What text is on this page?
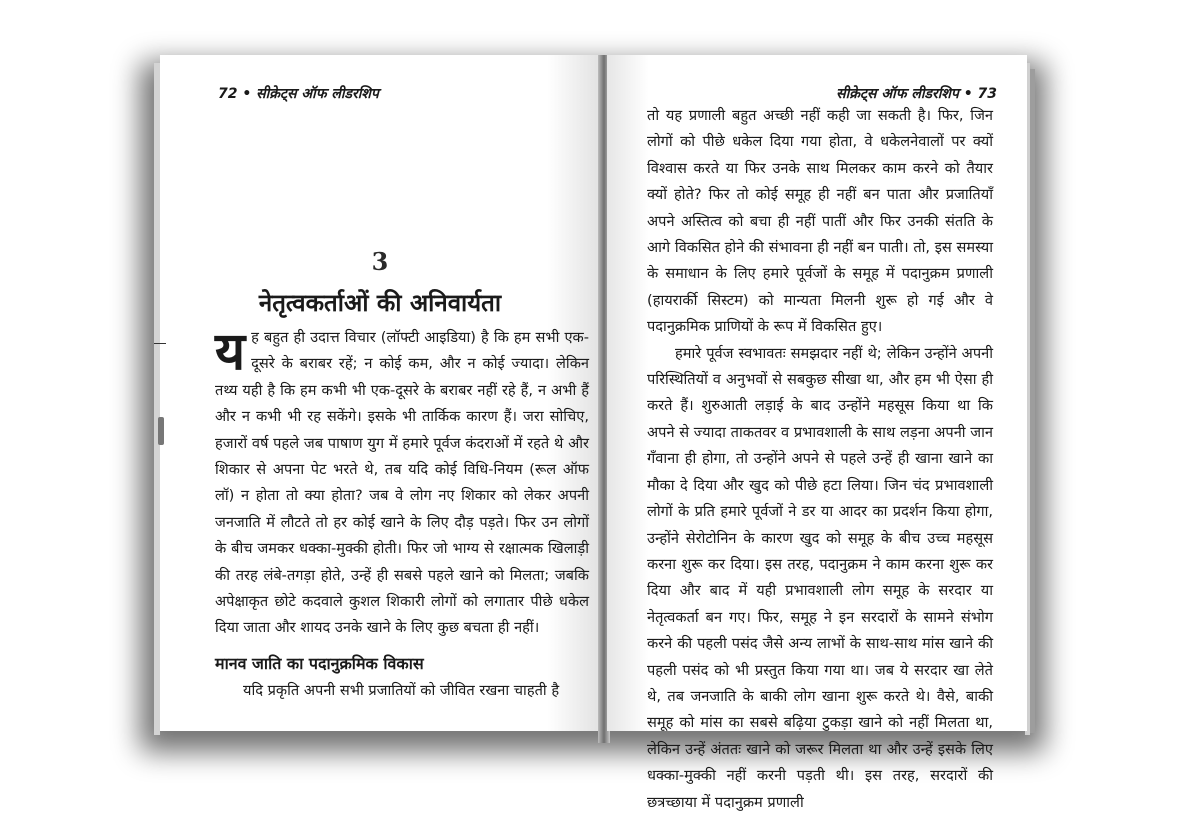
72 • सीक्रेट्स ऑफ लीडरशिप
3
नेतृत्वकर्ताओं की अनिवार्यता

यह बहुत ही उदात्त विचार (लॉफ्टी आइडिया) है कि हम सभी एक-दूसरे के बराबर रहें; न कोई कम, और न कोई ज्यादा। लेकिन तथ्य यही है कि हम कभी भी एक-दूसरे के बराबर नहीं रहे हैं, न अभी हैं और न कभी भी रह सकेंगे। इसके भी तार्किक कारण हैं। जरा सोचिए, हजारों वर्ष पहले जब पाषाण युग में हमारे पूर्वज कंदराओं में रहते थे और शिकार से अपना पेट भरते थे, तब यदि कोई विधि-नियम (रूल ऑफ लॉ) न होता तो क्या होता? जब वे लोग नए शिकार को लेकर अपनी जनजाति में लौटते तो हर कोई खाने के लिए दौड़ पड़ते। फिर उन लोगों के बीच जमकर धक्का-मुक्की होती। फिर जो भाग्य से रक्षात्मक खिलाड़ी की तरह लंबे-तगड़ा होते, उन्हें ही सबसे पहले खाने को मिलता; जबकि अपेक्षाकृत छोटे कदवाले कुशल शिकारी लोगों को लगातार पीछे धकेल दिया जाता और शायद उनके खाने के लिए कुछ बचता ही नहीं।

मानव जाति का पदानुक्रमिक विकास

यदि प्रकृति अपनी सभी प्रजातियों को जीवित रखना चाहती है

सीक्रेट्स ऑफ लीडरशिप • 73

तो यह प्रणाली बहुत अच्छी नहीं कही जा सकती है। फिर, जिन लोगों को पीछे धकेल दिया गया होता, वे धकेलनेवालों पर क्यों विश्वास करते या फिर उनके साथ मिलकर काम करने को तैयार क्यों होते? फिर तो कोई समूह ही नहीं बन पाता और प्रजातियाँ अपने अस्तित्व को बचा ही नहीं पातीं और फिर उनकी संतति के आगे विकसित होने की संभावना ही नहीं बन पाती। तो, इस समस्या के समाधान के लिए हमारे पूर्वजों के समूह में पदानुक्रम प्रणाली (हायरार्की सिस्टम) को मान्यता मिलनी शुरू हो गई और वे पदानुक्रमिक प्राणियों के रूप में विकसित हुए।

हमारे पूर्वज स्वभावतः समझदार नहीं थे; लेकिन उन्होंने अपनी परिस्थितियों व अनुभवों से सबकुछ सीखा था, और हम भी ऐसा ही करते हैं। शुरुआती लड़ाई के बाद उन्होंने महसूस किया था कि अपने से ज्यादा ताकतवर व प्रभावशाली के साथ लड़ना अपनी जान गँवाना ही होगा, तो उन्होंने अपने से पहले उन्हें ही खाना खाने का मौका दे दिया और खुद को पीछे हटा लिया। जिन चंद प्रभावशाली लोगों के प्रति हमारे पूर्वजों ने डर या आदर का प्रदर्शन किया होगा, उन्होंने सेरोटोनिन के कारण खुद को समूह के बीच उच्च महसूस करना शुरू कर दिया। इस तरह, पदानुक्रम ने काम करना शुरू कर दिया और बाद में यही प्रभावशाली लोग समूह के सरदार या नेतृत्वकर्ता बन गए। फिर, समूह ने इन सरदारों के सामने संभोग करने की पहली पसंद जैसे अन्य लाभों के साथ-साथ मांस खाने की पहली पसंद को भी प्रस्तुत किया गया था। जब ये सरदार खा लेते थे, तब जनजाति के बाकी लोग खाना शुरू करते थे। वैसे, बाकी समूह को मांस का सबसे बढ़िया टुकड़ा खाने को नहीं मिलता था, लेकिन उन्हें अंततः खाने को जरूर मिलता था और उन्हें इसके लिए धक्का-मुक्की नहीं करनी पड़ती थी। इस तरह, सरदारों की छत्रच्छाया में पदानुक्रम प्रणाली
